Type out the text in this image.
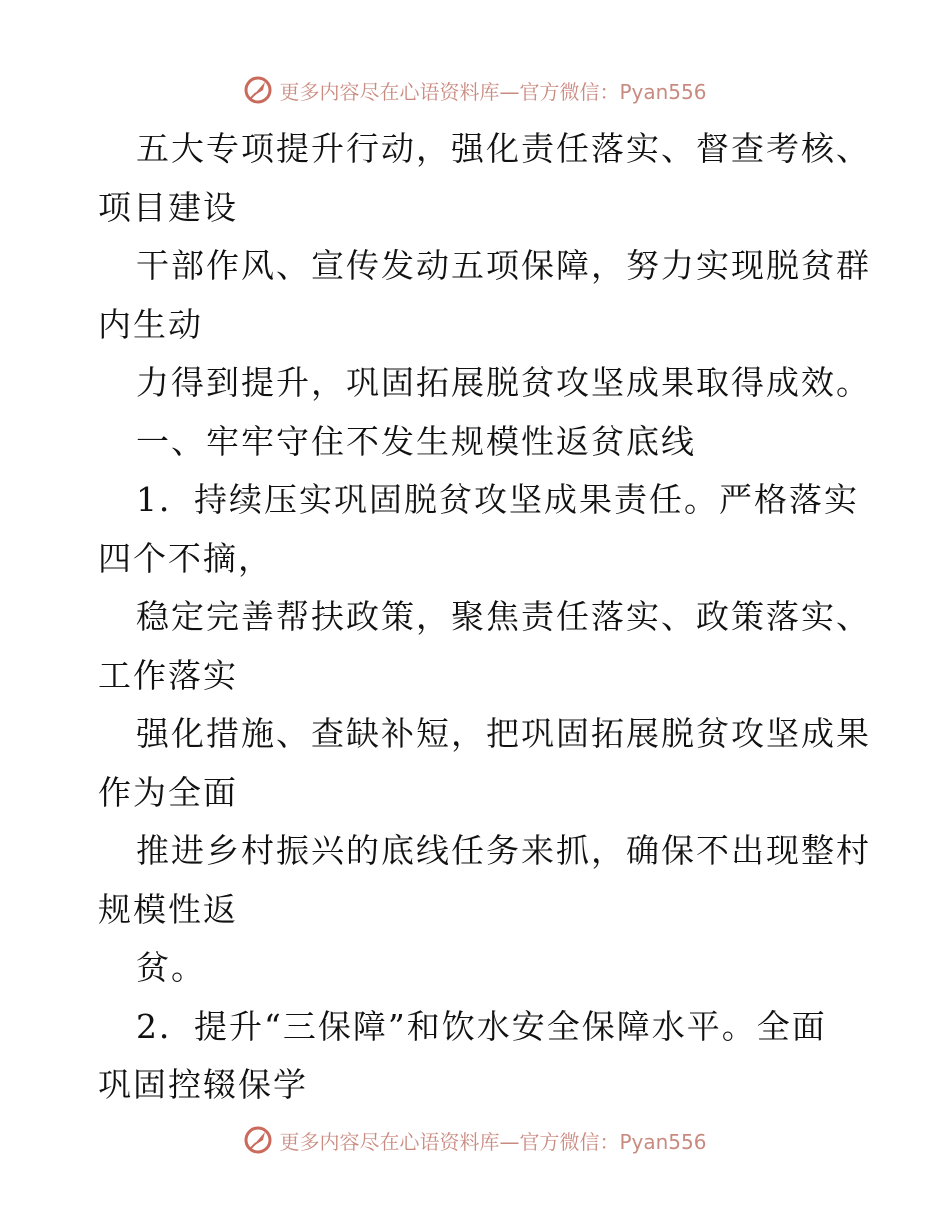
更多内容尽在心语资料库—官方微信：Pyan556
五大专项提升行动，强化责任落实、督查考核、
项目建设
干部作风、宣传发动五项保障，努力实现脱贫群
内生动
力得到提升，巩固拓展脱贫攻坚成果取得成效。
一、牢牢守住不发生规模性返贫底线
1．持续压实巩固脱贫攻坚成果责任。严格落实
四个不摘，
稳定完善帮扶政策，聚焦责任落实、政策落实、
工作落实
强化措施、查缺补短，把巩固拓展脱贫攻坚成果
作为全面
推进乡村振兴的底线任务来抓，确保不出现整村
规模性返
贫。
2．提升“三保障”和饮水安全保障水平。全面
巩固控辍保学
更多内容尽在心语资料库—官方微信：Pyan556
